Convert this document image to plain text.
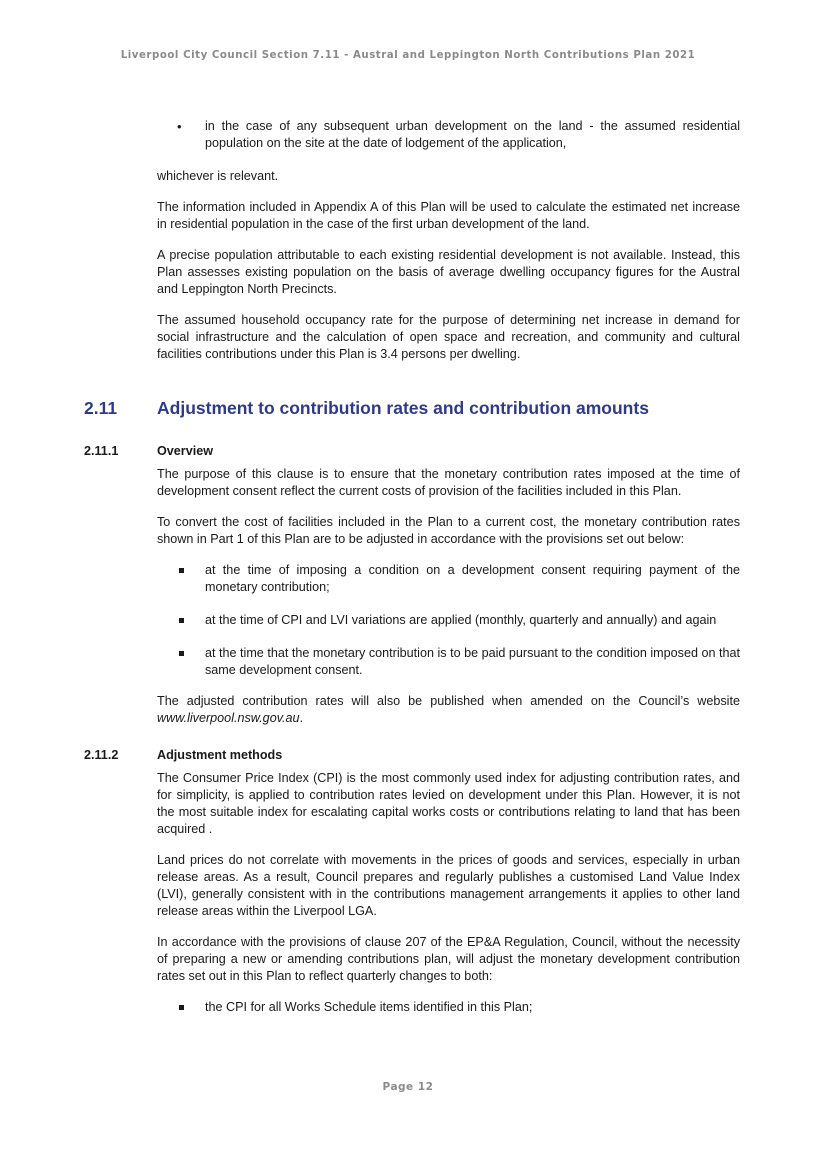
Liverpool City Council Section 7.11 - Austral and Leppington North Contributions Plan 2021
• in the case of any subsequent urban development on the land - the assumed residential population on the site at the date of lodgement of the application,

whichever is relevant.

The information included in Appendix A of this Plan will be used to calculate the estimated net increase in residential population in the case of the first urban development of the land.

A precise population attributable to each existing residential development is not available. Instead, this Plan assesses existing population on the basis of average dwelling occupancy figures for the Austral and Leppington North Precincts.

The assumed household occupancy rate for the purpose of determining net increase in demand for social infrastructure and the calculation of open space and recreation, and community and cultural facilities contributions under this Plan is 3.4 persons per dwelling.

2.11 Adjustment to contribution rates and contribution amounts
2.11.1	Overview

The purpose of this clause is to ensure that the monetary contribution rates imposed at the time of development consent reflect the current costs of provision of the facilities included in this Plan.

To convert the cost of facilities included in the Plan to a current cost, the monetary contribution rates shown in Part 1 of this Plan are to be adjusted in accordance with the provisions set out below:

at the time of imposing a condition on a development consent requiring payment of the monetary contribution;
at the time of CPI and LVI variations are applied (monthly, quarterly and annually) and again
at the time that the monetary contribution is to be paid pursuant to the condition imposed on that same development consent.

The adjusted contribution rates will also be published when amended on the Council’s website www.liverpool.nsw.gov.au.

2.11.2	Adjustment methods

The Consumer Price Index (CPI) is the most commonly used index for adjusting contribution rates, and for simplicity, is applied to contribution rates levied on development under this Plan. However, it is not the most suitable index for escalating capital works costs or contributions relating to land that has been acquired .

Land prices do not correlate with movements in the prices of goods and services, especially in urban release areas. As a result, Council prepares and regularly publishes a customised Land Value Index (LVI), generally consistent with in the contributions management arrangements it applies to other land release areas within the Liverpool LGA.

In accordance with the provisions of clause 207 of the EP&A Regulation, Council, without the necessity of preparing a new or amending contributions plan, will adjust the monetary development contribution rates set out in this Plan to reflect quarterly changes to both:

the CPI for all Works Schedule items identified in this Plan;
Page 12
